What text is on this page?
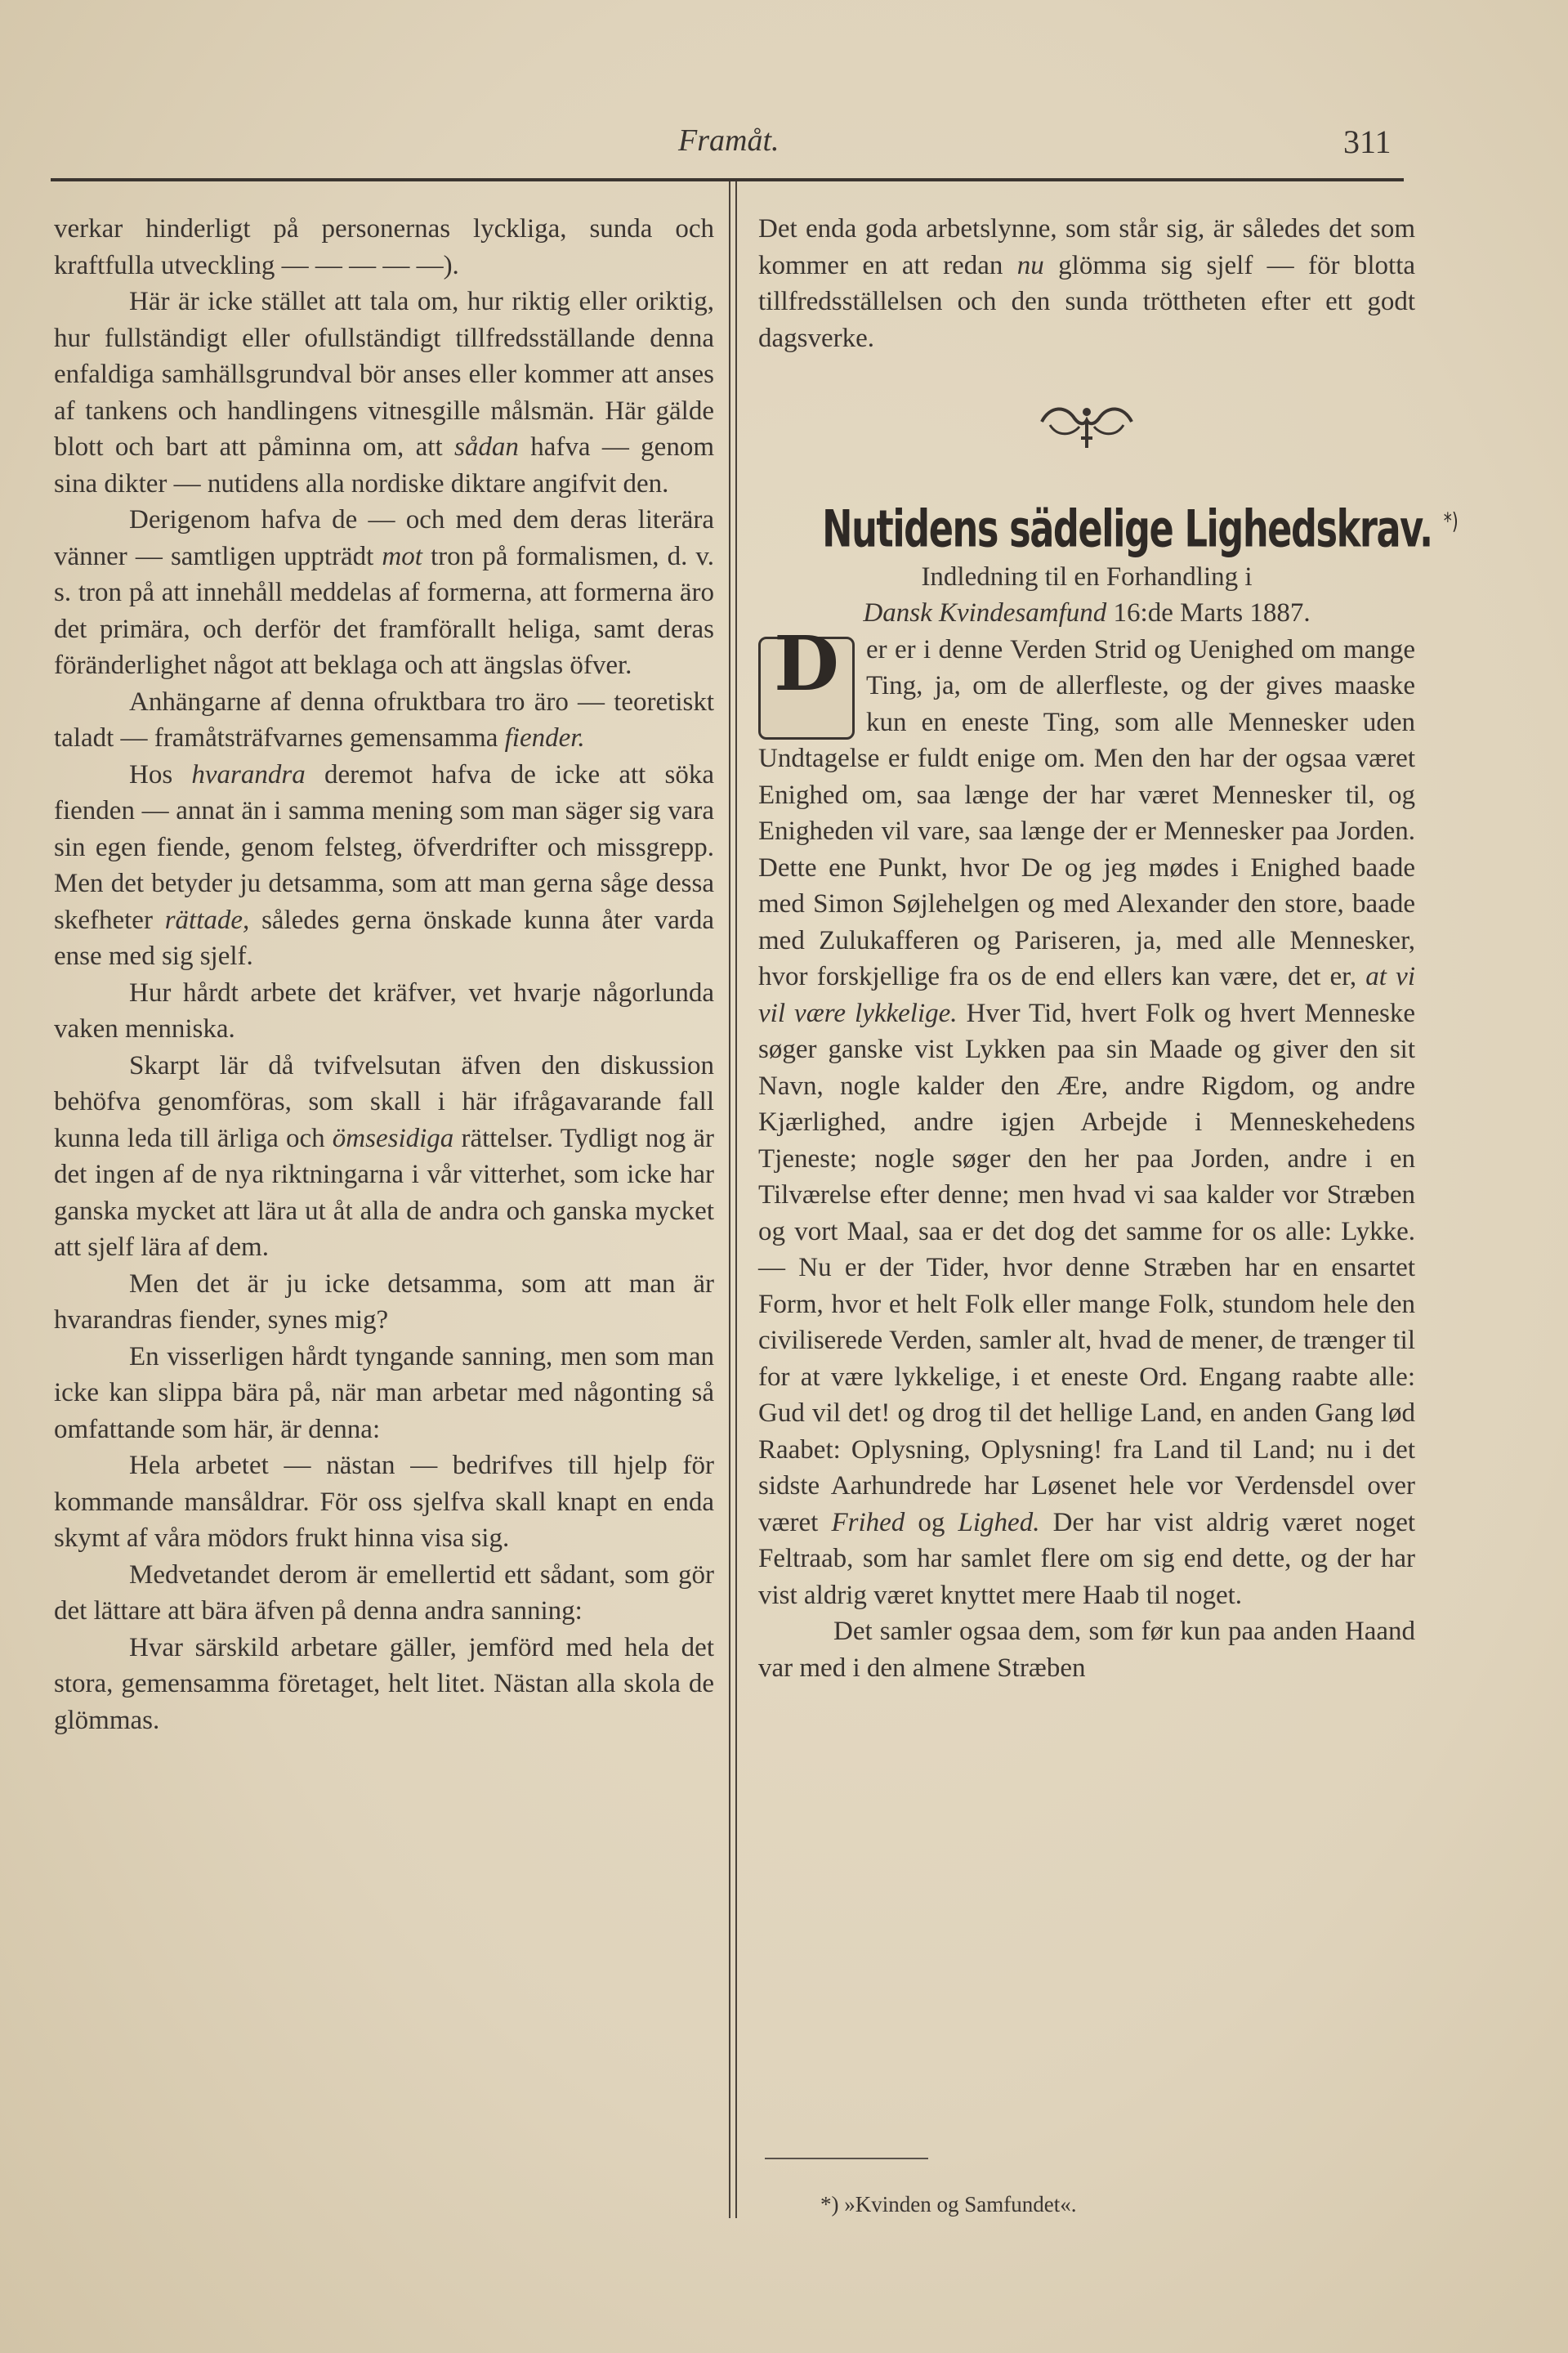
Framåt.	311

verkar hinderligt på personernas lyckliga, sunda och kraftfulla utveckling — — — — —).

Här är icke stället att tala om, hur riktig eller oriktig, hur fullständigt eller ofullständigt tillfredsställande denna enfaldiga samhällsgrundval bör anses eller kommer att anses af tankens och handlingens vitnesgille målsmän. Här gälde blott och bart att påminna om, att sådan hafva — genom sina dikter — nutidens alla nordiske diktare angifvit den.

Derigenom hafva de — och med dem deras literära vänner — samtligen uppträdt mot tron på formalismen, d. v. s. tron på att innehåll meddelas af formerna, att formerna äro det primära, och derför det framförallt heliga, samt deras föränderlighet något att beklaga och att ängslas öfver.

Anhängarne af denna ofruktbara tro äro — teoretiskt taladt — framåtsträfvarnes gemensamma fiender.

Hos hvarandra deremot hafva de icke att söka fienden — annat än i samma mening som man säger sig vara sin egen fiende, genom felsteg, öfverdrifter och missgrepp. Men det betyder ju detsamma, som att man gerna såge dessa skefheter rättade, således gerna önskade kunna åter varda ense med sig sjelf.

Hur hårdt arbete det kräfver, vet hvarje någorlunda vaken menniska.

Skarpt lär då tvifvelsutan äfven den diskussion behöfva genomföras, som skall i här ifrågavarande fall kunna leda till ärliga och ömsesidiga rättelser. Tydligt nog är det ingen af de nya riktningarna i vår vitterhet, som icke har ganska mycket att lära ut åt alla de andra och ganska mycket att sjelf lära af dem.

Men det är ju icke detsamma, som att man är hvarandras fiender, synes mig?

En visserligen hårdt tyngande sanning, men som man icke kan slippa bära på, när man arbetar med någonting så omfattande som här, är denna:

Hela arbetet — nästan — bedrifves till hjelp för kommande mansåldrar. För oss sjelfva skall knapt en enda skymt af våra mödors frukt hinna visa sig.

Medvetandet derom är emellertid ett sådant, som gör det lättare att bära äfven på denna andra sanning:

Hvar särskild arbetare gäller, jemförd med hela det stora, gemensamma företaget, helt litet. Nästan alla skola de glömmas.

Det enda goda arbetslynne, som står sig, är således det som kommer en att redan nu glömma sig sjelf — för blotta tillfredsställelsen och den sunda tröttheten efter ett godt dagsverke.

Nutidens sädelige Lighedskrav. *)

Indledning til en Forhandling i

Dansk Kvindesamfund 16:de Marts 1887.

D	er er i denne Verden Strid og Uenighed om mange Ting, ja, om de allerfleste, og der gives maaske kun en eneste Ting, som alle Mennesker uden Undtagelse er fuldt enige om. Men den har der ogsaa været Enighed om, saa længe der har været Mennesker til, og Enigheden vil vare, saa længe der er Mennesker paa Jorden. Dette ene Punkt, hvor De og jeg mødes i Enighed baade med Simon Søjlehelgen og med Alexander den store, baade med Zulukafferen og Pariseren, ja, med alle Mennesker, hvor forskjellige fra os de end ellers kan være, det er, at vi vil være lykkelige. Hver Tid, hvert Folk og hvert Menneske søger ganske vist Lykken paa sin Maade og giver den sit Navn, nogle kalder den Ære, andre Rigdom, og andre Kjærlighed, andre igjen Arbejde i Menneskehedens Tjeneste; nogle søger den her paa Jorden, andre i en Tilværelse efter denne; men hvad vi saa kalder vor Stræben og vort Maal, saa er det dog det samme for os alle: Lykke. — Nu er der Tider, hvor denne Stræben har en ensartet Form, hvor et helt Folk eller mange Folk, stundom hele den civiliserede Verden, samler alt, hvad de mener, de trænger til for at være lykkelige, i et eneste Ord. Engang raabte alle: Gud vil det! og drog til det hellige Land, en anden Gang lød Raabet: Oplysning, Oplysning! fra Land til Land; nu i det sidste Aarhundrede har Løsenet hele vor Verdensdel over været Frihed og Lighed. Der har vist aldrig været noget Feltraab, som har samlet flere om sig end dette, og der har vist aldrig været knyttet mere Haab til noget.

Det samler ogsaa dem, som før kun paa anden Haand var med i den almene Stræben

*) »Kvinden og Samfundet«.
